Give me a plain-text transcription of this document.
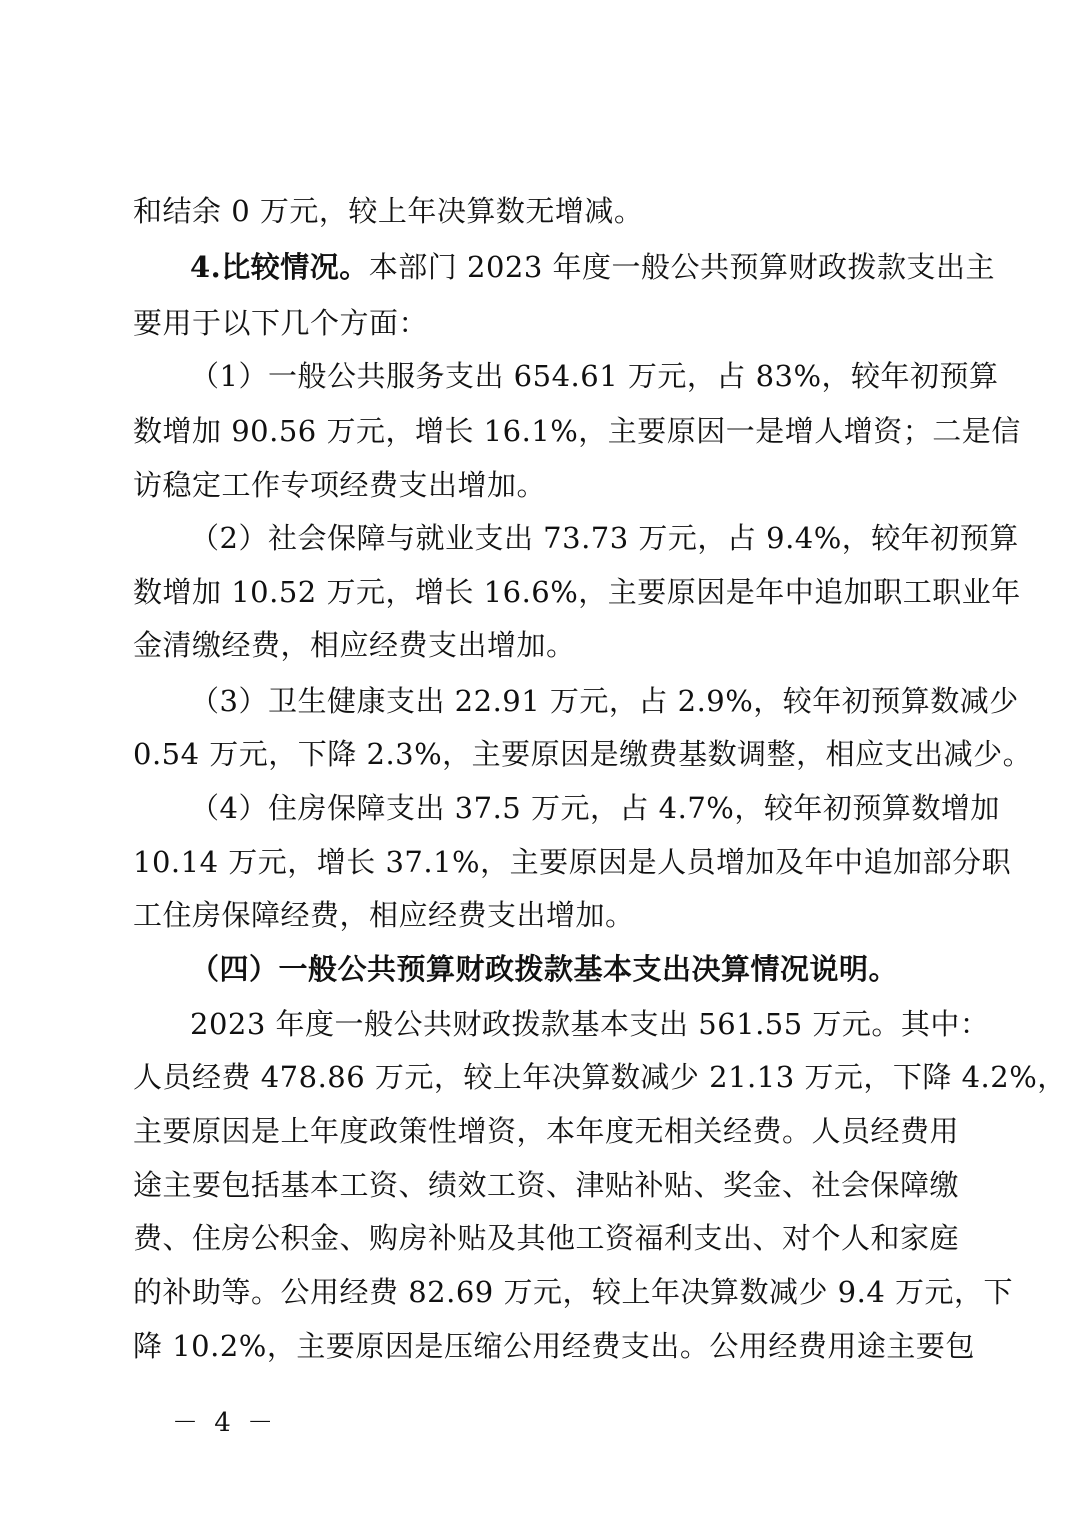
和结余 0 万元，较上年决算数无增减。
4.比较情况。本部门 2023 年度一般公共预算财政拨款支出主
要用于以下几个方面：
（1）一般公共服务支出 654.61 万元，占 83%，较年初预算
数增加 90.56 万元，增长 16.1%，主要原因一是增人增资；二是信
访稳定工作专项经费支出增加。
（2）社会保障与就业支出 73.73 万元，占 9.4%，较年初预算
数增加 10.52 万元，增长 16.6%，主要原因是年中追加职工职业年
金清缴经费，相应经费支出增加。
（3）卫生健康支出 22.91 万元，占 2.9%，较年初预算数减少
0.54 万元，下降 2.3%，主要原因是缴费基数调整，相应支出减少。
（4）住房保障支出 37.5 万元，占 4.7%，较年初预算数增加
10.14 万元，增长 37.1%，主要原因是人员增加及年中追加部分职
工住房保障经费，相应经费支出增加。
（四）一般公共预算财政拨款基本支出决算情况说明。
2023 年度一般公共财政拨款基本支出 561.55 万元。其中：
人员经费 478.86 万元，较上年决算数减少 21.13 万元，下降 4.2%，
主要原因是上年度政策性增资，本年度无相关经费。人员经费用
途主要包括基本工资、绩效工资、津贴补贴、奖金、社会保障缴
费、住房公积金、购房补贴及其他工资福利支出、对个人和家庭
的补助等。公用经费 82.69 万元，较上年决算数减少 9.4 万元，下
降 10.2%，主要原因是压缩公用经费支出。公用经费用途主要包
－ 4 －
